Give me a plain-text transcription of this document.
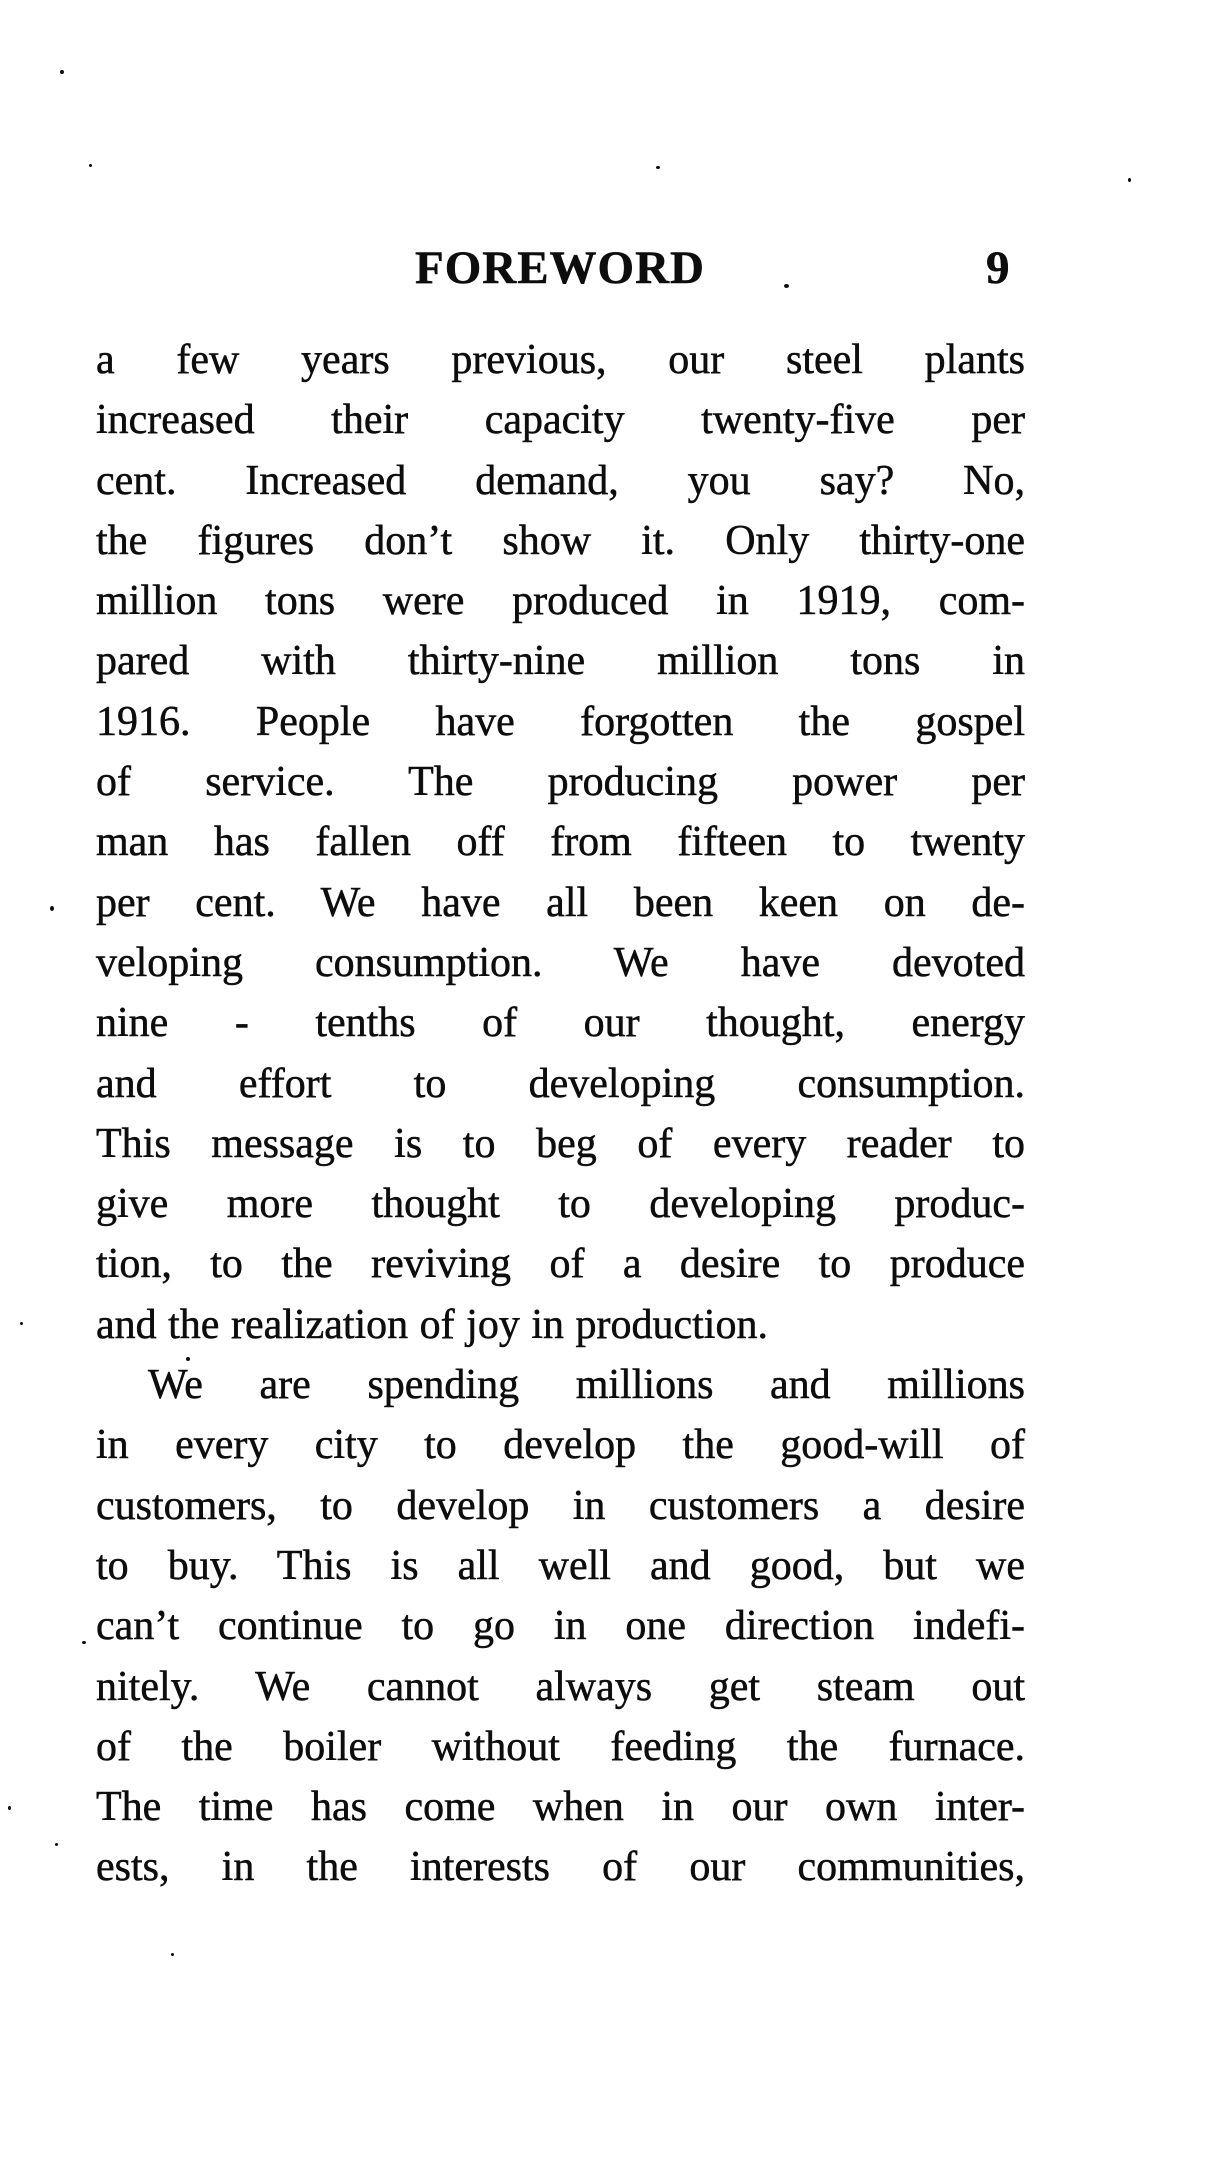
FOREWORD	9
a few years previous, our steel plants
increased their capacity twenty-five per
cent. Increased demand, you say? No,
the figures don’t show it. Only thirty-one
million tons were produced in 1919, com-
pared with thirty-nine million tons in
1916. People have forgotten the gospel
of service. The producing power per
man has fallen off from fifteen to twenty
per cent. We have all been keen on de-
veloping consumption. We have devoted
nine - tenths of our thought, energy
and effort to developing consumption.
This message is to beg of every reader to
give more thought to developing produc-
tion, to the reviving of a desire to produce
and the realization of joy in production.
We are spending millions and millions
in every city to develop the good-will of
customers, to develop in customers a desire
to buy. This is all well and good, but we
can’t continue to go in one direction indefi-
nitely. We cannot always get steam out
of the boiler without feeding the furnace.
The time has come when in our own inter-
ests, in the interests of our communities,
